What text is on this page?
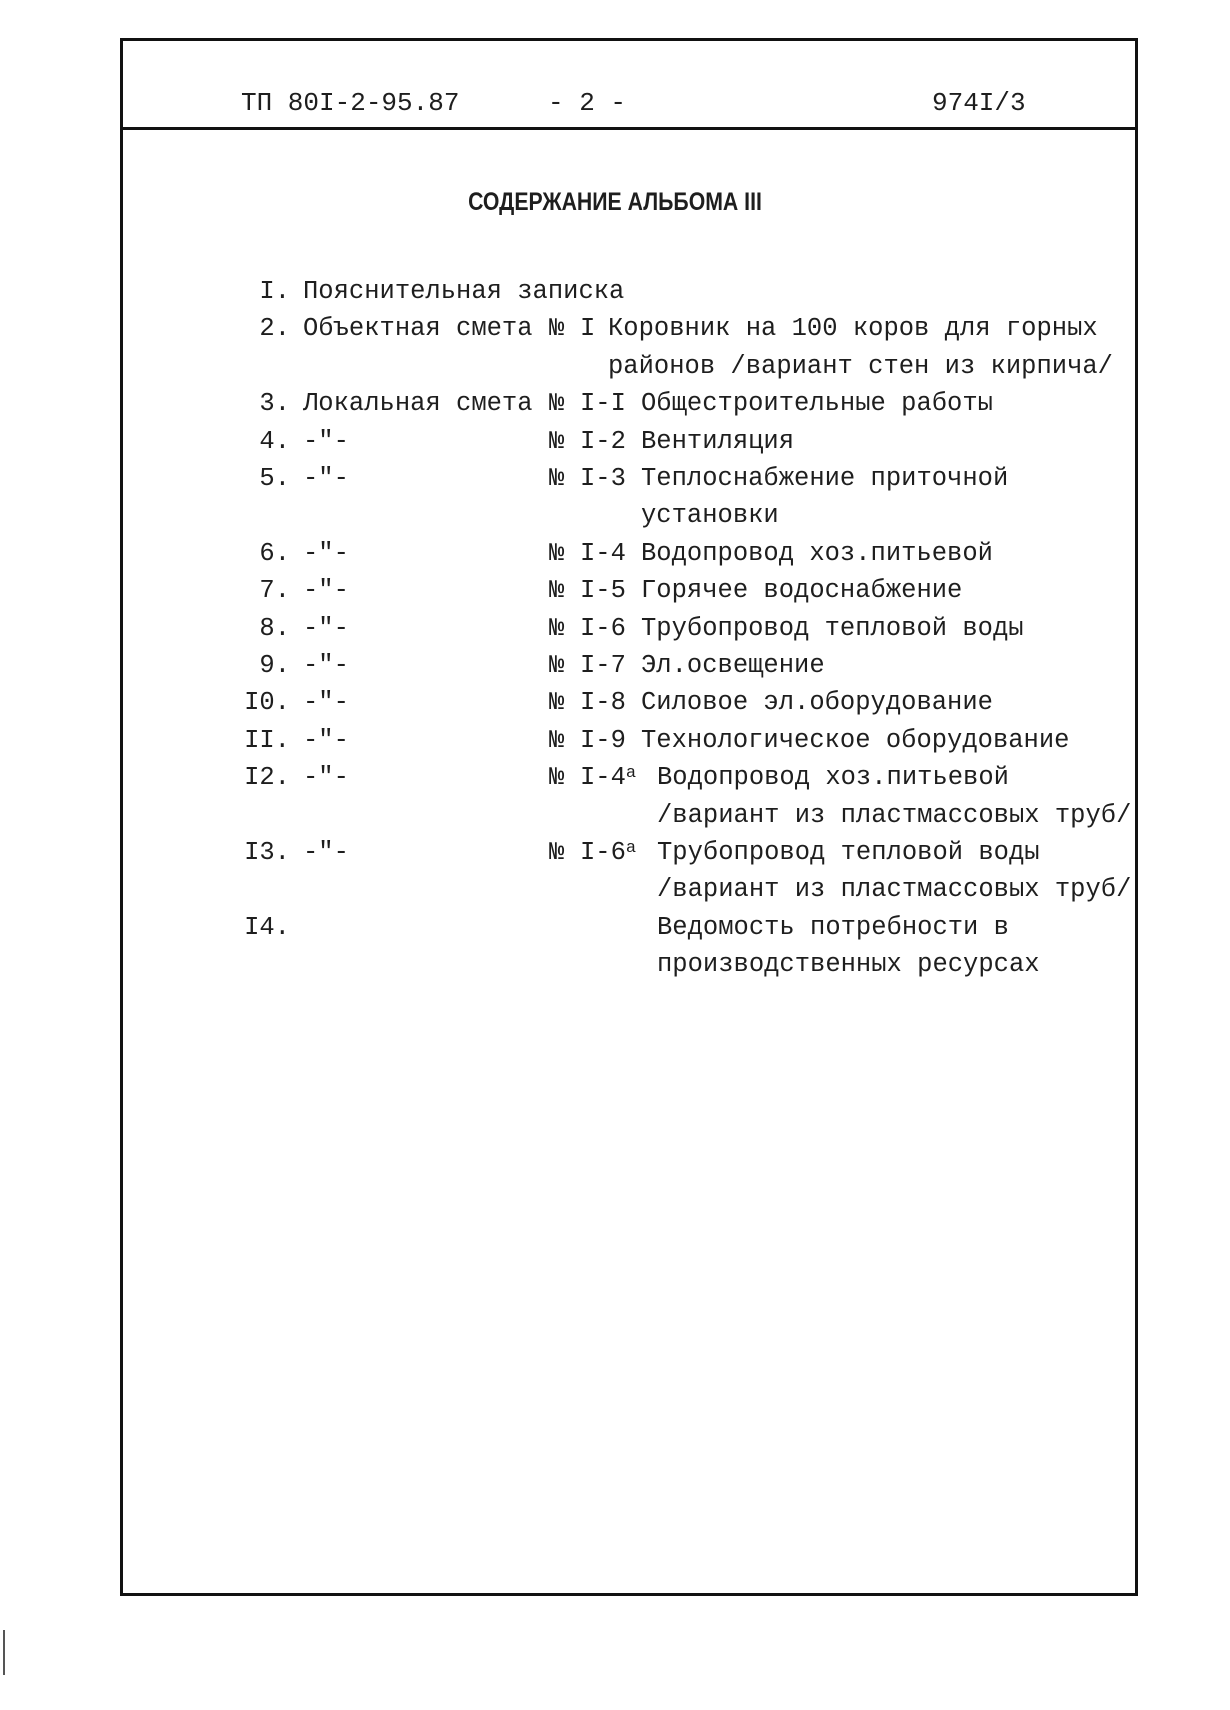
ТП 80I-2-95.87	- 2 -	974I/3
СОДЕРЖАНИЕ АЛЬБОМА III
I. Пояснительная записка
2. Объектная смета № I Коровник на 100 коров для горных
районов /вариант стен из кирпича/
3. Локальная смета № I-I Общестроительные работы
4. -"-	№ I-2 Вентиляция
5. -"-	№ I-3 Теплоснабжение приточной
установки
6. -"-	№ I-4 Водопровод хоз.питьевой
7. -"-	№ I-5 Горячее водоснабжение
8. -"-	№ I-6 Трубопровод тепловой воды
9. -"-	№ I-7 Эл.освещение
I0. -"-	№ I-8 Силовое эл.оборудование
II. -"-	№ I-9 Технологическое оборудование
I2. -"-	№ $I-4^а$ Водопровод хоз.питьевой
/вариант из пластмассовых труб/
I3. -"-	№ $I-6^а$ Трубопровод тепловой воды
/вариант из пластмассовых труб/
I4.	Ведомость потребности в
производственных ресурсах
